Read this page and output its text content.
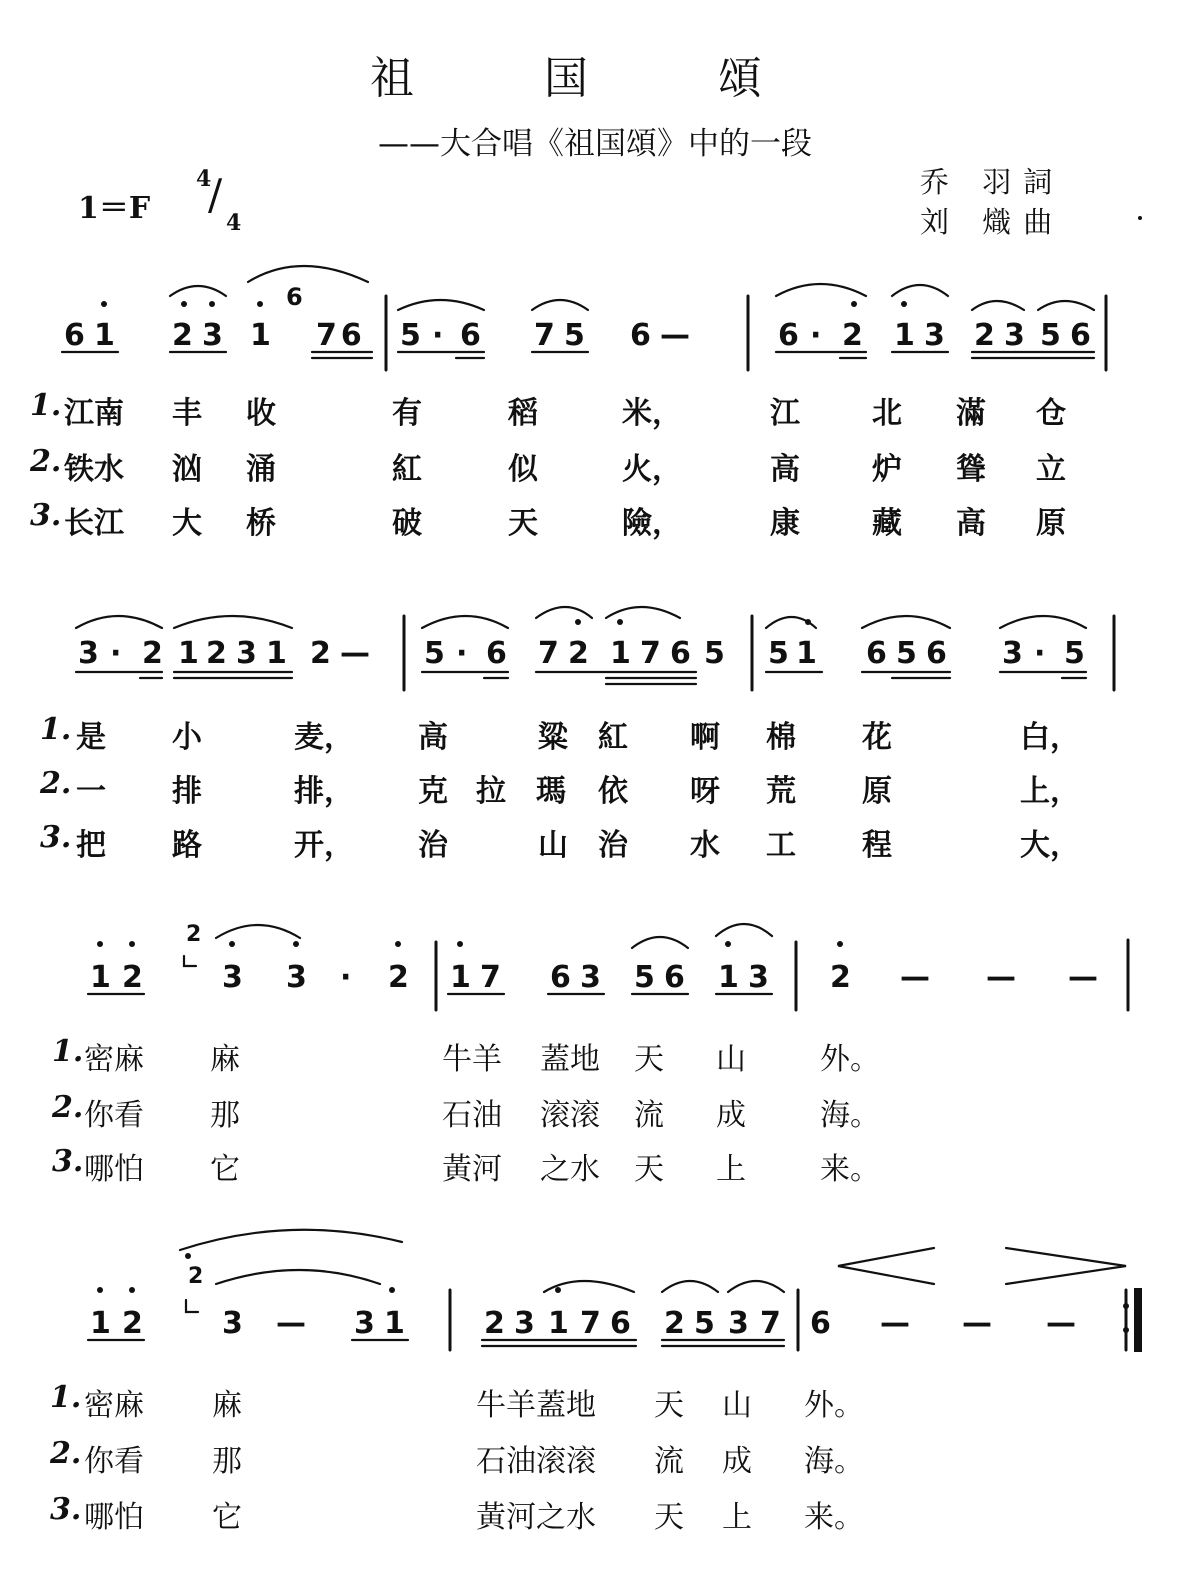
祖 国 頌
——大合唱《祖国頌》中的一段
1＝F
4
/
4
乔 羽詞
刘 熾曲
6 1 2 3 1
6
76 5 · 6 7 5 6 —	6 · 2 1 3 2 3 5 6
1. 江南 丰 收	有	稻	米，	江 北 滿 仓
2. 铁水 汹 涌	紅	似	火，	高 炉 聳 立
3. 长江 大 桥	破	天	險，	康 藏 高 原
3 · 2 1 2 3 1 2 — 5 · 6 7 2 1 7 6 5 5 1 6 5 6 3 · 5
1. 是 小	麦， 高	粱 紅 啊 棉 花	白，
2. 一 排	排， 克 拉 瑪 依 呀 荒 原	上，
3. 把 路	开， 治	山 治 水 工 程	大，
1 2
2
3 3 · 2 1 7 6 3 5 6 1 3 2 — — —
1. 密麻 麻	牛羊 蓋地 天 山 外。
2. 你看 那	石油 滚滚 流 成 海。
3. 哪怕 它	黃河 之水 天 上 来。
1 2
2
3 — 3 1	2 3 1 7 6 2 5 3 7 6 — — —
1. 密麻 麻	牛羊蓋地 天 山 外。
2. 你看 那	石油滚滚 流 成 海。
3. 哪怕 它	黃河之水 天 上 来。
